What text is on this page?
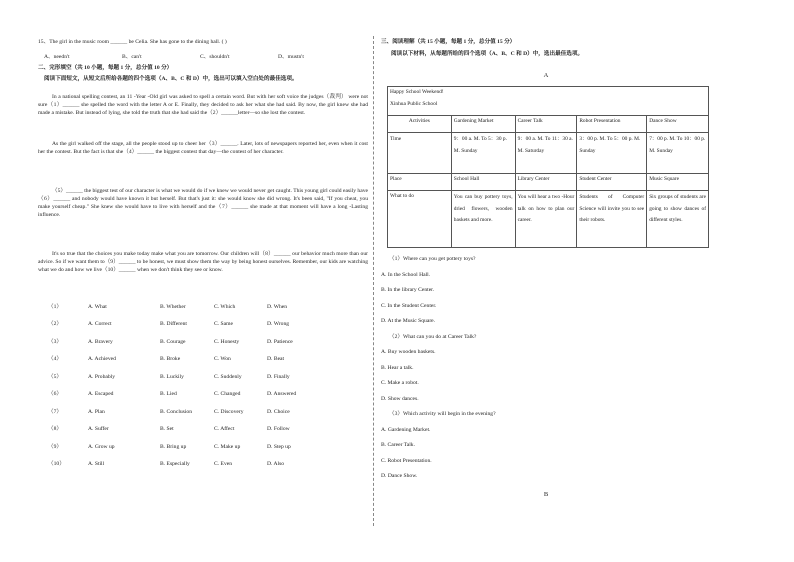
15、The girl in the music room ______ be Celia. She has gone to the dining hall. ( )
A、needn't	B、can't	C、shouldn't	D、mustn't
二、完形填空（共 10 小题，每题 1 分，总分值 10 分）
阅读下面短文，从短文后所给各题的四个选项（A、B、C 和 D）中，选出可以填入空白处的最佳选项。

In a national spelling contest, an 11 -Year -Old girl was asked to spell a certain word. But with her soft voice the judges（裁判） were not sure（1）______ she spelled the word with the letter A or E. Finally, they decided to ask her what she had said. By now, the girl knew she had made a mistake. But instead of lying, she told the truth that she had said the（2）______letter—so she lost the contest.

As the girl walked off the stage, all the people stood up to cheer her（3）______. Later, lots of newspapers reported her, even when it cost her the contest. But the fact is that she（4）______ the biggest contest that day—the contest of her character.

（5）______ the biggest test of our character is what we would do if we knew we would never get caught. This young girl could easily have（6）______ and nobody would have known it but herself. But that's just it: she would know she did wrong. It's been said, "If you cheat, you make yourself cheap." She knew she would have to live with herself and the（7）______ she made at that moment will have a long -Lasting influence.

It's so true that the choices you make today make what you are tomorrow. Our children will（8）______ our behavior much more than our advice. So if we want them to（9）______ to be honest, we must show them the way by being honest ourselves. Remember, our kids are watching what we do and how we live（10）______ when we don't think they see or know.

（1）	A. What	B. Whether	C. Which	D. When
（2）	A. Correct	B. Different	C. Same	D. Wrong
（3）	A. Bravery	B. Courage	C. Honesty	D. Patience
（4）	A. Achieved	B. Broke	C. Won	D. Beat
（5）	A. Probably	B. Luckily	C. Suddenly	D. Finally
（6）	A. Escaped	B. Lied	C. Changed	D. Answered
（7）	A. Plan	B. Conclusion	C. Discovery	D. Choice
（8）	A. Suffer	B. Set	C. Affect	D. Follow
（9）	A. Grow up	B. Bring up	C. Make up	D. Step up
（10）	A. Still	B. Especially	C. Even	D. Also
三、阅读理解（共 15 小题，每题 1 分，总分值 15 分）
阅读以下材料，从每题所给的四个选项（A、B、C 和 D）中，选出最佳选项。
A
Happy School Weekend!
Xinhua Public School				

Activities	Gardening Market	Career Talk	Robot Presentation	Dance Show
Time	9：00 a. M. To 5：30 p. M. Sunday	9：00 a. M. To 11：30 a. M. Saturday	3：00 p. M. To 5：00 p. M. Sunday	7：00 p. M. To 10：00 p. M. Sunday
Place	School Hall	Library Center	Student Center	Music Square
What to do	You can buy pottery toys, dried flowers, wooden baskets and more.	You will hear a two -Hour talk on how to plan our career.	Students of Computer Science will invite you to see their robots.	Six groups of students are going to show dances of different styles.
（1）Where can you get pottery toys?
A. In the School Hall.
B. In the library Center.
C. In the Student Center.
D. At the Music Square.
（2）What can you do at Career Talk?
A. Buy wooden baskets.
B. Hear a talk.
C. Make a robot.
D. Show dances.
（3）Which activity will begin in the evening?
A. Gardening Market.
B. Career Talk.
C. Robot Presentation.
D. Dance Show.
B
